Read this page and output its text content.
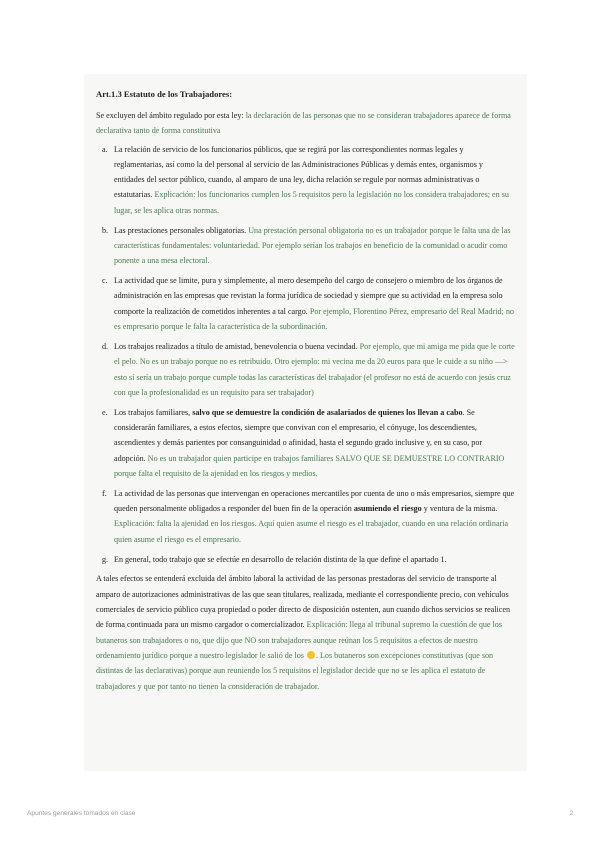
Art.1.3 Estatuto de los Trabajadores:

Se excluyen del ámbito regulado por esta ley: la declaración de las personas que no se consideran trabajadores aparece de forma declarativa tanto de forma constitutiva

a. La relación de servicio de los funcionarios públicos, que se regirá por las correspondientes normas legales y reglamentarias, así como la del personal al servicio de las Administraciones Públicas y demás entes, organismos y entidades del sector público, cuando, al amparo de una ley, dicha relación se regule por normas administrativas o estatutarias. Explicación: los funcionarios cumplen los 5 requisitos pero la legislación no los considera trabajadores; en su lugar, se les aplica otras normas.
b. Las prestaciones personales obligatorias. Una prestación personal obligatoria no es un trabajador porque le falta una de las características fundamentales: voluntariedad. Por ejemplo serían los trabajos en beneficio de la comunidad o acudir como ponente a una mesa electoral.
c. La actividad que se limite, pura y simplemente, al mero desempeño del cargo de consejero o miembro de los órganos de administración en las empresas que revistan la forma jurídica de sociedad y siempre que su actividad en la empresa solo comporte la realización de cometidos inherentes a tal cargo. Por ejemplo, Florentino Pérez, empresario del Real Madrid; no es empresario porque le falta la característica de la subordinación.
d. Los trabajos realizados a título de amistad, benevolencia o buena vecindad. Por ejemplo, que mi amiga me pida que le corte el pelo. No es un trabajo porque no es retribuido. Otro ejemplo: mi vecina me da 20 euros para que le cuide a su niño —> esto sí sería un trabajo porque cumple todas las características del trabajador (el profesor no está de acuerdo con jesús cruz con que la profesionalidad es un requisito para ser trabajador)
e. Los trabajos familiares, salvo que se demuestre la condición de asalariados de quienes los llevan a cabo. Se considerarán familiares, a estos efectos, siempre que convivan con el empresario, el cónyuge, los descendientes, ascendientes y demás parientes por consanguinidad o afinidad, hasta el segundo grado inclusive y, en su caso, por adopción. No es un trabajador quien participe en trabajos familiares SALVO QUE SE DEMUESTRE LO CONTRARIO porque falta el requisito de la ajenidad en los riesgos y medios.
f. La actividad de las personas que intervengan en operaciones mercantiles por cuenta de uno o más empresarios, siempre que queden personalmente obligados a responder del buen fin de la operación asumiendo el riesgo y ventura de la misma. Explicación: falta la ajenidad en los riesgos. Aquí quien asume el riesgo es el trabajador, cuando en una relación ordinaria quien asume el riesgo es el empresario.
g. En general, todo trabajo que se efectúe en desarrollo de relación distinta de la que define el apartado 1.

A tales efectos se entenderá excluida del ámbito laboral la actividad de las personas prestadoras del servicio de transporte al amparo de autorizaciones administrativas de las que sean titulares, realizada, mediante el correspondiente precio, con vehículos comerciales de servicio público cuya propiedad o poder directo de disposición ostenten, aun cuando dichos servicios se realicen de forma continuada para un mismo cargador o comercializador. Explicación: llega al tribunal supremo la cuestión de que los butaneros son trabajadores o no, que dijo que NO son trabajadores aunque reúnan los 5 requisitos a efectos de nuestro ordenamiento jurídico porque a nuestro legislador le salió de los . Los butaneros son excepciones constitutivas (que son distintas de las declarativas) porque aun reuniendo los 5 requisitos el legislador decide que no se les aplica el estatuto de trabajadores y que por tanto no tienen la consideración de trabajador.

Apuntes generales tomados en clase	2
